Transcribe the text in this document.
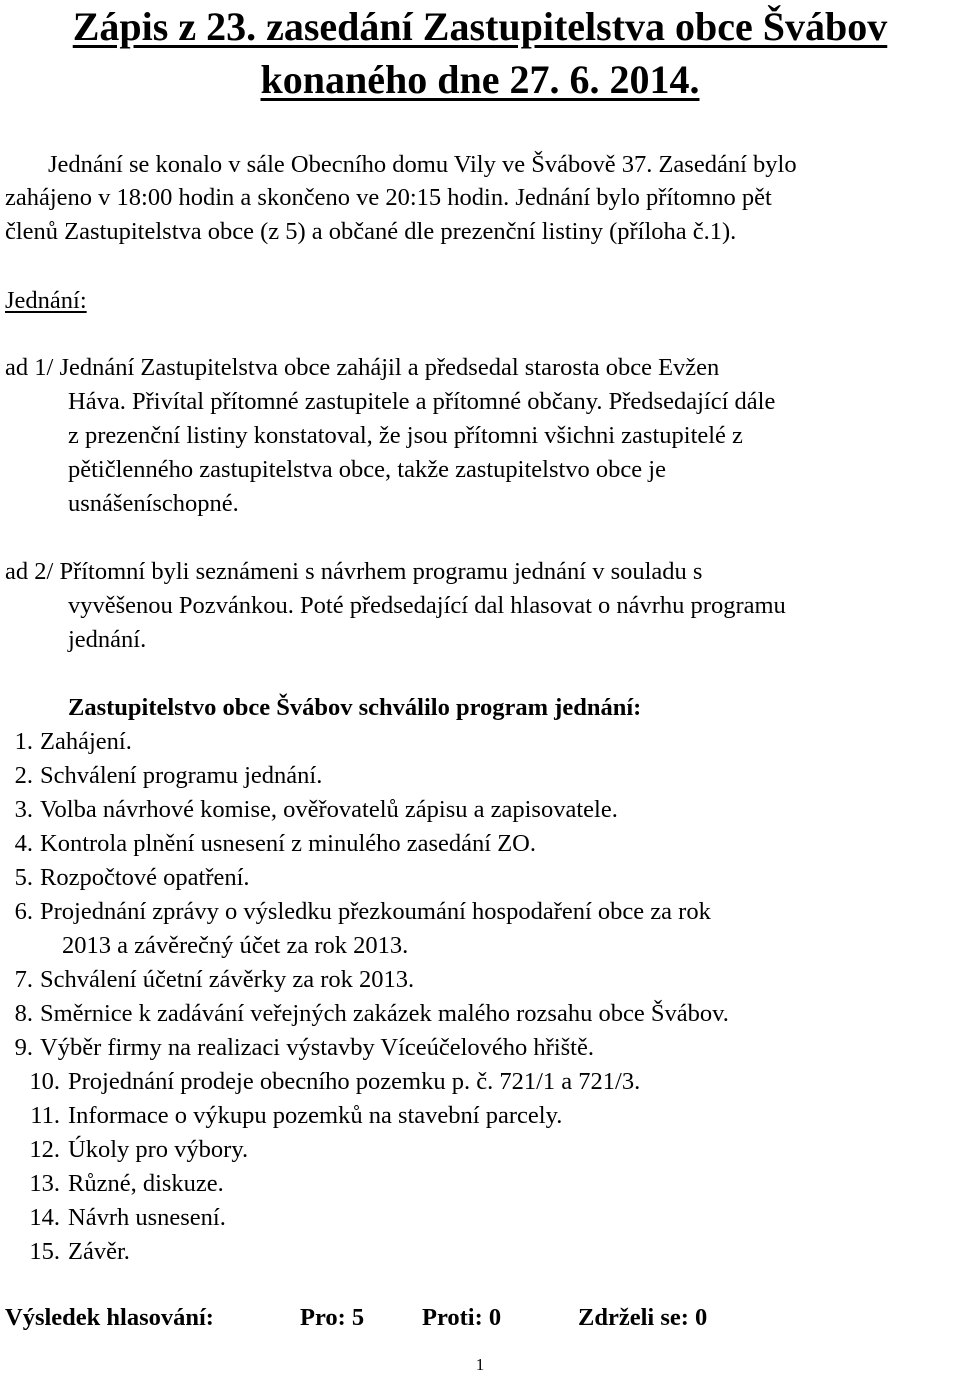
Zápis z 23. zasedání Zastupitelstva obce Švábov
konaného dne 27. 6. 2014.
Jednání se konalo v sále Obecního domu Vily ve Švábově 37. Zasedání bylo
zahájeno v 18:00 hodin a skončeno ve 20:15 hodin. Jednání bylo přítomno pět
členů Zastupitelstva obce (z 5) a občané dle prezenční listiny (příloha č.1).
Jednání:
ad 1/ Jednání Zastupitelstva obce zahájil a předsedal starosta obce Evžen
Háva. Přivítal přítomné zastupitele a přítomné občany. Předsedající dále
z prezenční listiny konstatoval, že jsou přítomni všichni zastupitelé z
pětičlenného zastupitelstva obce, takže zastupitelstvo obce je
usnášeníschopné.
ad 2/ Přítomní byli seznámeni s návrhem programu jednání v souladu s
vyvěšenou Pozvánkou. Poté předsedající dal hlasovat o návrhu programu
jednání.
Zastupitelstvo obce Švábov schválilo program jednání:
1. Zahájení.
2. Schválení programu jednání.
3. Volba návrhové komise, ověřovatelů zápisu a zapisovatele.
4. Kontrola plnění usnesení z minulého zasedání ZO.
5. Rozpočtové opatření.
6. Projednání zprávy o výsledku přezkoumání hospodaření obce za rok
2013 a závěrečný účet za rok 2013.
7. Schválení účetní závěrky za rok 2013.
8. Směrnice k zadávání veřejných zakázek malého rozsahu obce Švábov.
9. Výběr firmy na realizaci výstavby Víceúčelového hřiště.
10. Projednání prodeje obecního pozemku p. č. 721/1 a 721/3.
11. Informace o výkupu pozemků na stavební parcely.
12. Úkoly pro výbory.
13. Různé, diskuze.
14. Návrh usnesení.
15. Závěr.
Výsledek hlasování:	Pro: 5 Proti: 0	Zdrželi se: 0
1
